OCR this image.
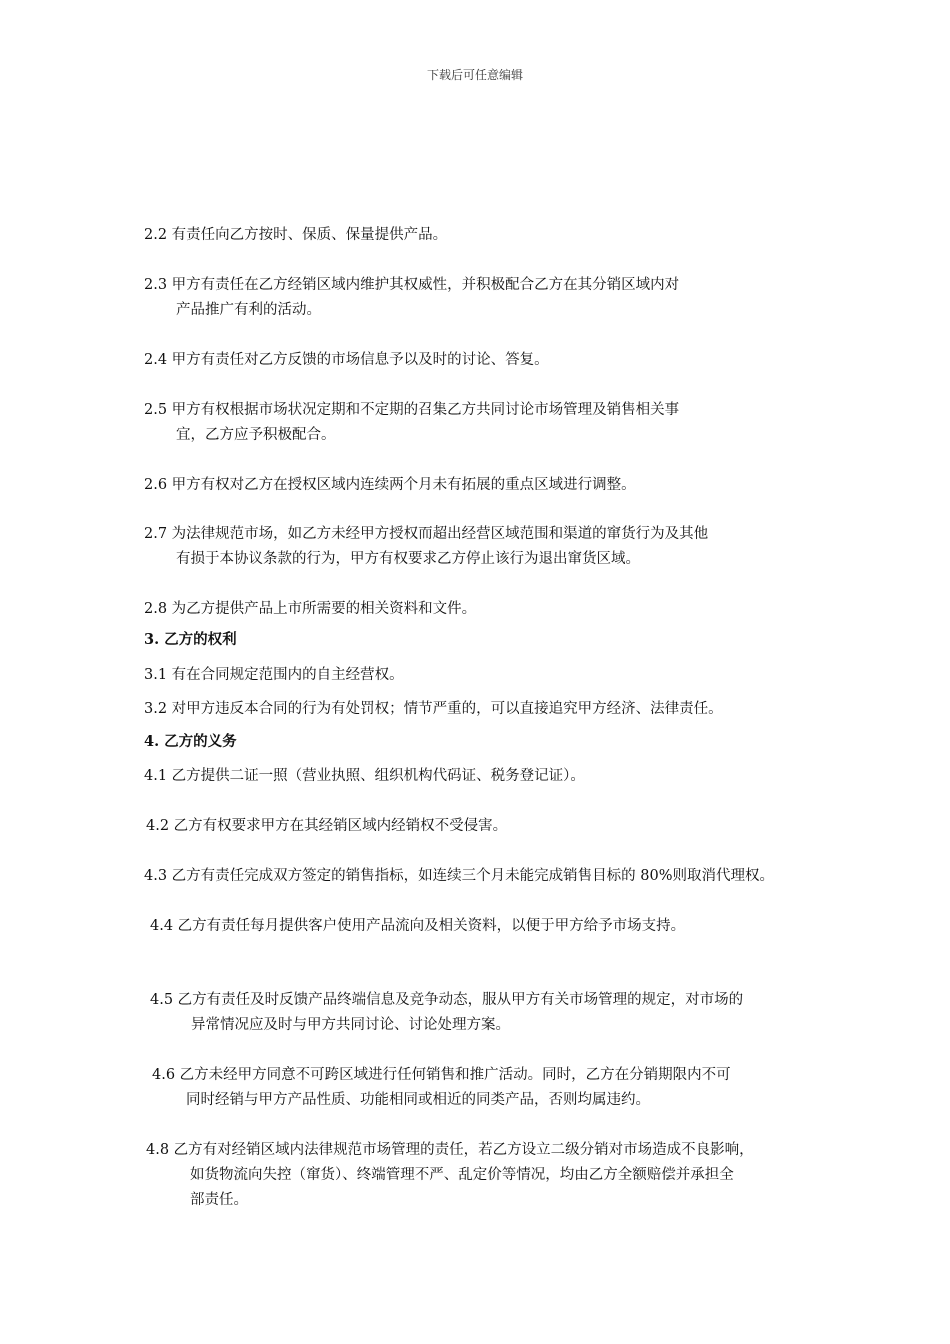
下载后可任意编辑
2.2 有责任向乙方按时、保质、保量提供产品。
2.3 甲方有责任在乙方经销区域内维护其权威性，并积极配合乙方在其分销区域内对
产品推广有利的活动。
2.4 甲方有责任对乙方反馈的市场信息予以及时的讨论、答复。
2.5 甲方有权根据市场状况定期和不定期的召集乙方共同讨论市场管理及销售相关事
宜，乙方应予积极配合。
2.6 甲方有权对乙方在授权区域内连续两个月未有拓展的重点区域进行调整。
2.7 为法律规范市场，如乙方未经甲方授权而超出经营区域范围和渠道的窜货行为及其他
有损于本协议条款的行为，甲方有权要求乙方停止该行为退出窜货区域。
2.8 为乙方提供产品上市所需要的相关资料和文件。
3. 乙方的权利
3.1 有在合同规定范围内的自主经营权。
3.2 对甲方违反本合同的行为有处罚权；情节严重的，可以直接追究甲方经济、法律责任。
4. 乙方的义务
4.1 乙方提供二证一照（营业执照、组织机构代码证、税务登记证）。
4.2 乙方有权要求甲方在其经销区域内经销权不受侵害。
4.3 乙方有责任完成双方签定的销售指标，如连续三个月未能完成销售目标的 80%则取消代理权。
4.4 乙方有责任每月提供客户使用产品流向及相关资料，以便于甲方给予市场支持。
4.5 乙方有责任及时反馈产品终端信息及竞争动态，服从甲方有关市场管理的规定，对市场的
异常情况应及时与甲方共同讨论、讨论处理方案。
4.6 乙方未经甲方同意不可跨区域进行任何销售和推广活动。同时，乙方在分销期限内不可
同时经销与甲方产品性质、功能相同或相近的同类产品，否则均属违约。
4.8 乙方有对经销区域内法律规范市场管理的责任，若乙方设立二级分销对市场造成不良影响，
如货物流向失控（窜货）、终端管理不严、乱定价等情况，均由乙方全额赔偿并承担全
部责任。
